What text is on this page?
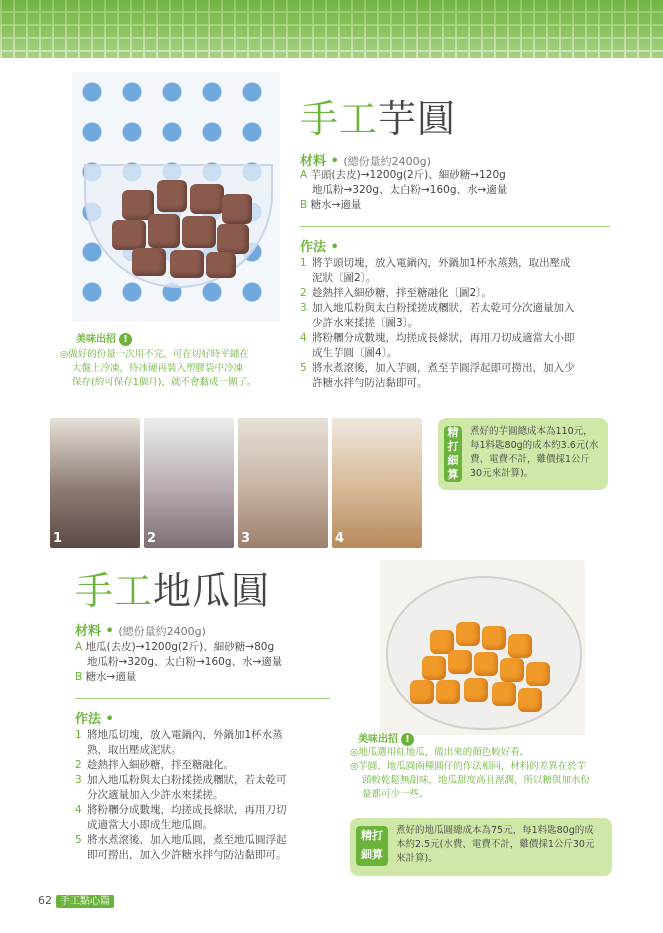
手工芋圓
材料 • (總份量約2400g)
A 芋頭(去皮)→1200g(2斤)、細砂糖→120g
地瓜粉→320g、太白粉→160g、水→適量
B 糖水→適量
作法 •
1 將芋頭切塊，放入電鍋內，外鍋加1杯水蒸熟，取出壓成
泥狀〔圖2〕。
2 趁熱拌入細砂糖，拌至糖融化〔圖2〕。
3 加入地瓜粉與太白粉揉搓成糰狀，若太乾可分次適量加入
少許水來揉搓〔圖3〕。
4 將粉糰分成數塊，均搓成長條狀，再用刀切成適當大小即
成生芋圓〔圖4〕。
5 將水煮滾後，加入芋圓，煮至芋圓浮起即可撈出，加入少
許糖水拌勻防沾黏即可。
美味出招 !
◎做好的份量一次用不完，可在切好時平鋪在
大盤上冷凍，待冰硬再裝入塑膠袋中冷凍
保存(約可保存1個月)，就不會黏成一團了。
1	2	3	4
精打細算
煮好的芋圓總成本為110元，
每1料匙80g的成本約3.6元(水
費、電費不計，雞價採1公斤
30元來計算)。
手工地瓜圓
材料 • (總份量約2400g)
A 地瓜(去皮)→1200g(2斤)、細砂糖→80g
地瓜粉→320g、太白粉→160g、水→適量
B 糖水→適量
作法 •
1 將地瓜切塊，放入電鍋內，外鍋加1杯水蒸
熟，取出壓成泥狀。
2 趁熱拌入細砂糖，拌至糖融化。
3 加入地瓜粉與太白粉揉搓成糰狀，若太乾可
分次適量加入少許水來揉搓。
4 將粉糰分成數塊，均搓成長條狀，再用刀切
成適當大小即成生地瓜圓。
5 將水煮滾後，加入地瓜圓，煮至地瓜圓浮起
即可撈出，加入少許糖水拌勻防沾黏即可。
美味出招 !
◎地瓜選用紅地瓜，做出來的顏色較好看。
◎芋圓、地瓜圓兩種圓仔的作法相同，材料的差異在於芋
頭較乾鬆無甜味，地瓜甜度高且溼潤，所以糖與加水份
量都可少一些。
精打細算
煮好的地瓜圓總成本為75元，每1料匙80g的成
本約2.5元(水費、電費不計，雞價採1公斤30元
來計算)。
62 手工點心篇
